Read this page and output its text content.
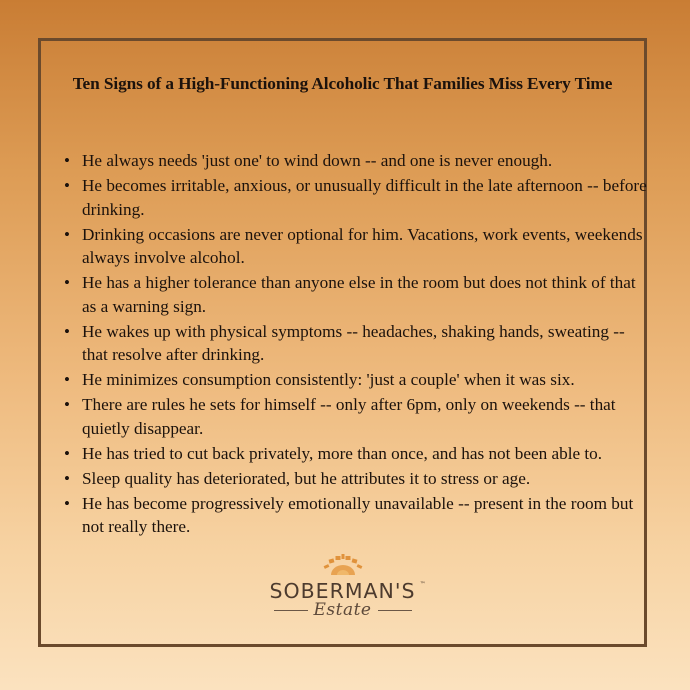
Ten Signs of a High-Functioning Alcoholic That Families Miss Every Time
• He always needs 'just one' to wind down -- and one is never enough.
• He becomes irritable, anxious, or unusually difficult in the late afternoon -- before drinking.
• Drinking occasions are never optional for him. Vacations, work events, weekends always involve alcohol.
• He has a higher tolerance than anyone else in the room but does not think of that as a warning sign.
• He wakes up with physical symptoms -- headaches, shaking hands, sweating -- that resolve after drinking.
• He minimizes consumption consistently: 'just a couple' when it was six.
• There are rules he sets for himself -- only after 6pm, only on weekends -- that quietly disappear.
• He has tried to cut back privately, more than once, and has not been able to.
• Sleep quality has deteriorated, but he attributes it to stress or age.
• He has become progressively emotionally unavailable -- present in the room but not really there.
SOBERMAN'S ™
Estate
